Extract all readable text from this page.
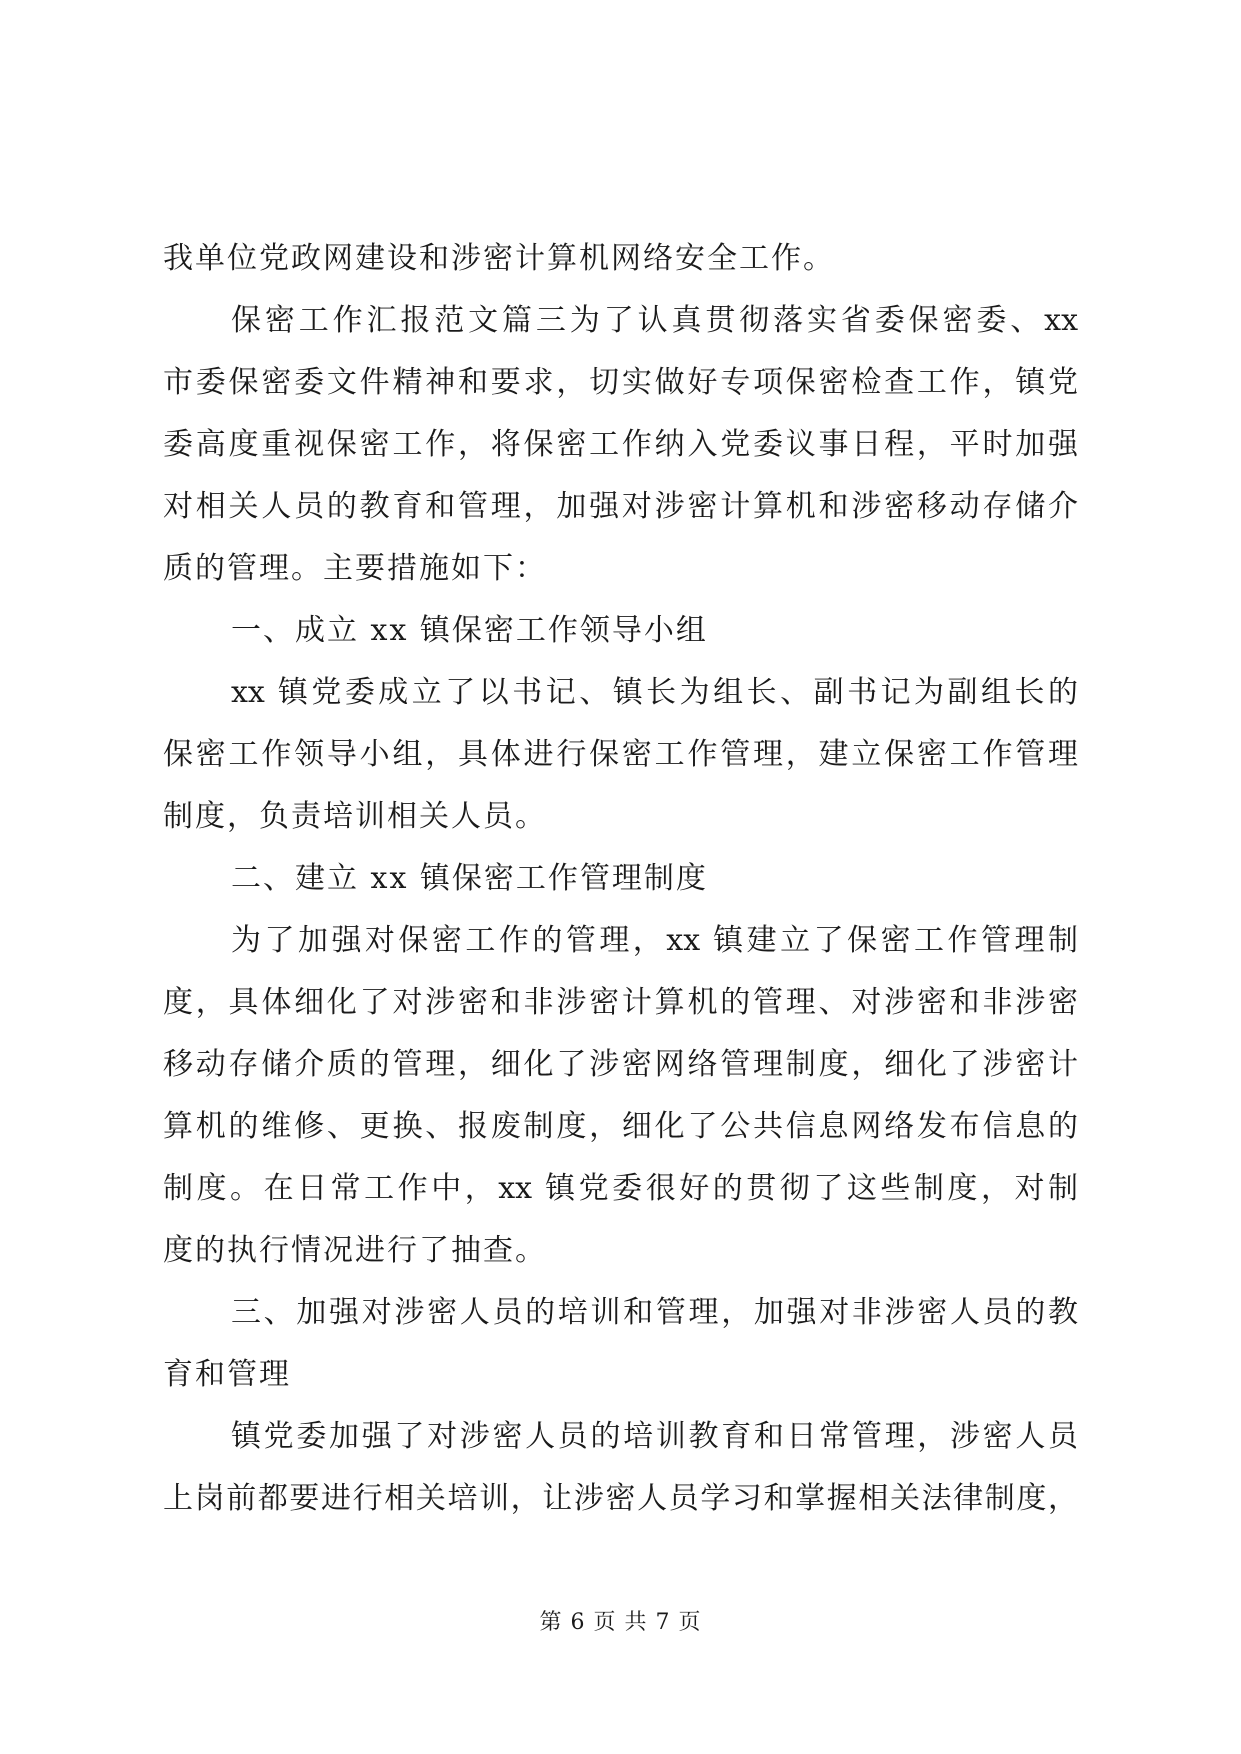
我单位党政网建设和涉密计算机网络安全工作。
保密工作汇报范文篇三为了认真贯彻落实省委保密委、xx
市委保密委文件精神和要求，切实做好专项保密检查工作，镇党
委高度重视保密工作，将保密工作纳入党委议事日程，平时加强
对相关人员的教育和管理，加强对涉密计算机和涉密移动存储介
质的管理。主要措施如下：
一、成立 xx 镇保密工作领导小组
xx 镇党委成立了以书记、镇长为组长、副书记为副组长的
保密工作领导小组，具体进行保密工作管理，建立保密工作管理
制度，负责培训相关人员。
二、建立 xx 镇保密工作管理制度
为了加强对保密工作的管理，xx 镇建立了保密工作管理制
度，具体细化了对涉密和非涉密计算机的管理、对涉密和非涉密
移动存储介质的管理，细化了涉密网络管理制度，细化了涉密计
算机的维修、更换、报废制度，细化了公共信息网络发布信息的
制度。在日常工作中，xx 镇党委很好的贯彻了这些制度，对制
度的执行情况进行了抽查。
三、加强对涉密人员的培训和管理，加强对非涉密人员的教
育和管理
镇党委加强了对涉密人员的培训教育和日常管理，涉密人员
上岗前都要进行相关培训，让涉密人员学习和掌握相关法律制度，
第 6 页 共 7 页
